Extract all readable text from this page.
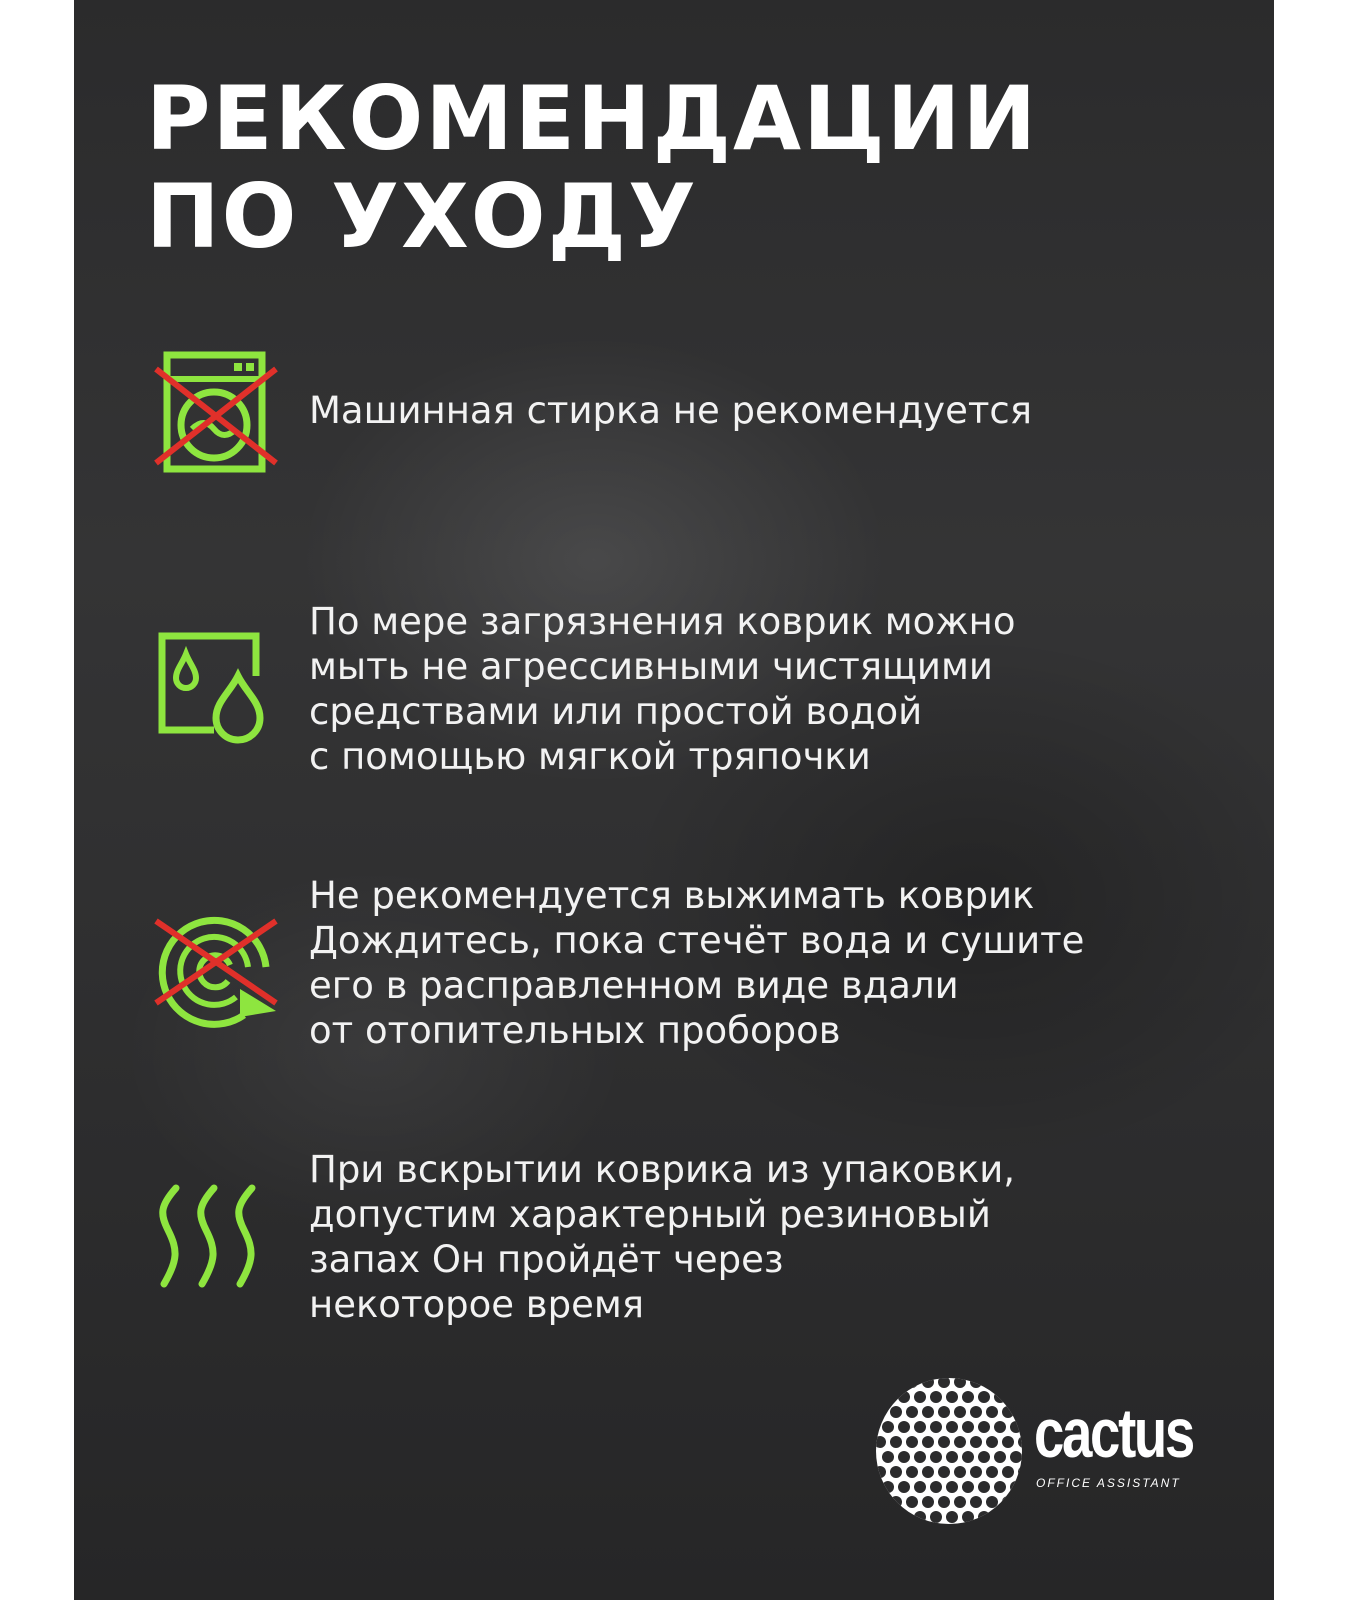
РЕКОМЕНДАЦИИ
ПО УХОДУ

Машинная стирка не рекомендуется

По мере загрязнения коврик можно
мыть не агрессивными чистящими
средствами или простой водой
с помощью мягкой тряпочки

Не рекомендуется выжимать коврик
Дождитесь, пока стечёт вода и сушите
его в расправленном виде вдали
от отопительных проборов

При вскрытии коврика из упаковки,
допустим характерный резиновый
запах Он пройдёт через
некоторое время

cactus
OFFICE ASSISTANT
